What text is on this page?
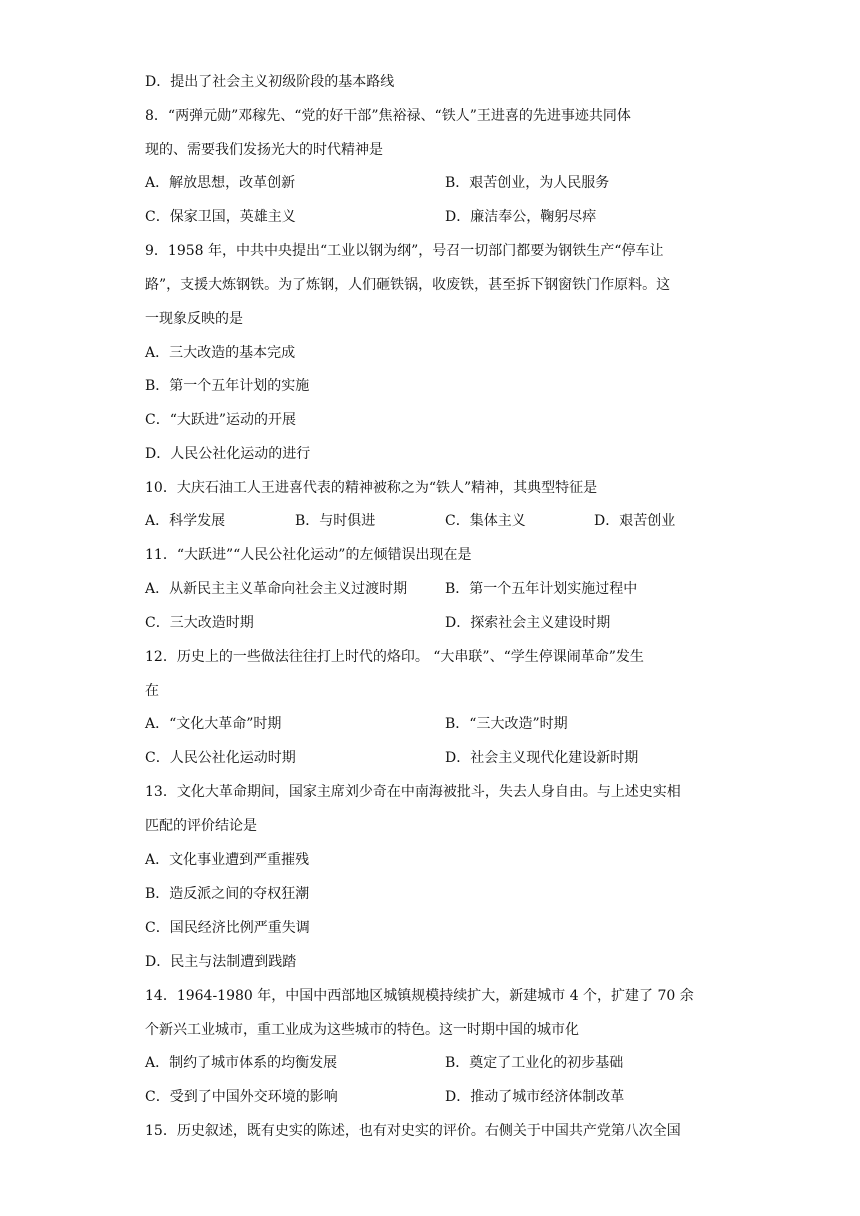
D．提出了社会主义初级阶段的基本路线
8．“两弹元勋”邓稼先、“党的好干部”焦裕禄、“铁人”王进喜的先进事迹共同体
现的、需要我们发扬光大的时代精神是
A．解放思想，改革创新	B．艰苦创业，为人民服务
C．保家卫国，英雄主义	D．廉洁奉公，鞠躬尽瘁
9．1958 年，中共中央提出“工业以钢为纲”，号召一切部门都要为钢铁生产“停车让
路”，支援大炼钢铁。为了炼钢，人们砸铁锅，收废铁，甚至拆下钢窗铁门作原料。这
一现象反映的是
A．三大改造的基本完成
B．第一个五年计划的实施
C．“大跃进”运动的开展
D．人民公社化运动的进行
10．大庆石油工人王进喜代表的精神被称之为“铁人”精神，其典型特征是
A．科学发展	B．与时俱进	C．集体主义	D．艰苦创业
11．“大跃进”“人民公社化运动”的左倾错误出现在是
A．从新民主主义革命向社会主义过渡时期	B．第一个五年计划实施过程中
C．三大改造时期	D．探索社会主义建设时期
12．历史上的一些做法往往打上时代的烙印。 “大串联”、“学生停课闹革命”发生
在
A．“文化大革命”时期	B．“三大改造”时期
C．人民公社化运动时期	D．社会主义现代化建设新时期
13．文化大革命期间，国家主席刘少奇在中南海被批斗，失去人身自由。与上述史实相
匹配的评价结论是
A．文化事业遭到严重摧残
B．造反派之间的夺权狂潮
C．国民经济比例严重失调
D．民主与法制遭到践踏
14．1964-1980 年，中国中西部地区城镇规模持续扩大，新建城市 4 个，扩建了 70 余
个新兴工业城市，重工业成为这些城市的特色。这一时期中国的城市化
A．制约了城市体系的均衡发展	B．奠定了工业化的初步基础
C．受到了中国外交环境的影响	D．推动了城市经济体制改革
15．历史叙述，既有史实的陈述，也有对史实的评价。右侧关于中国共产党第八次全国
